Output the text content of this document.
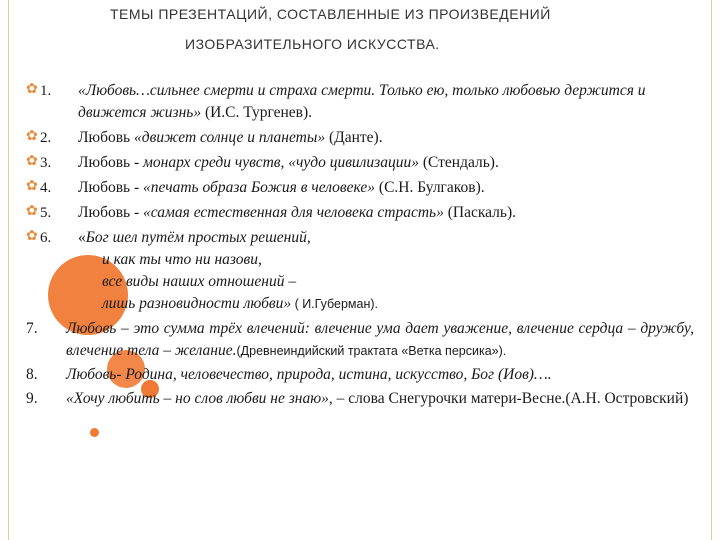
ТЕМЫ ПРЕЗЕНТАЦИЙ, СОСТАВЛЕННЫЕ ИЗ ПРОИЗВЕДЕНИЙ
ИЗОБРАЗИТЕЛЬНОГО ИСКУССТВА.
✿ 1.	«Любовь…сильнее смерти и страха смерти. Только ею, только любовью держится и движется жизнь» (И.С. Тургенев).
✿ 2.	Любовь «движет солнце и планеты» (Данте).
✿ 3.	Любовь - монарх среди чувств, «чудо цивилизации» (Стендаль).
✿ 4.	Любовь - «печать образа Божия в человеке» (С.Н. Булгаков).
✿ 5.	Любовь - «самая естественная для человека страсть» (Паскаль).
✿ 6.	«Бог шел путём простых решений,

и как ты что ни назови,
все виды наших отношений –
лишь разновидности любви» ( И.Губерман).
7. Любовь – это сумма трёх влечений: влечение ума дает уважение, влечение сердца – дружбу, влечение тела – желание.(Древнеиндийский трактата «Ветка персика»).
8. Любовь- Родина, человечество, природа, истина, искусство, Бог (Иов)….
9. «Хочу любить – но слов любви не знаю», – слова Снегурочки матери-Весне.(А.Н. Островский)
